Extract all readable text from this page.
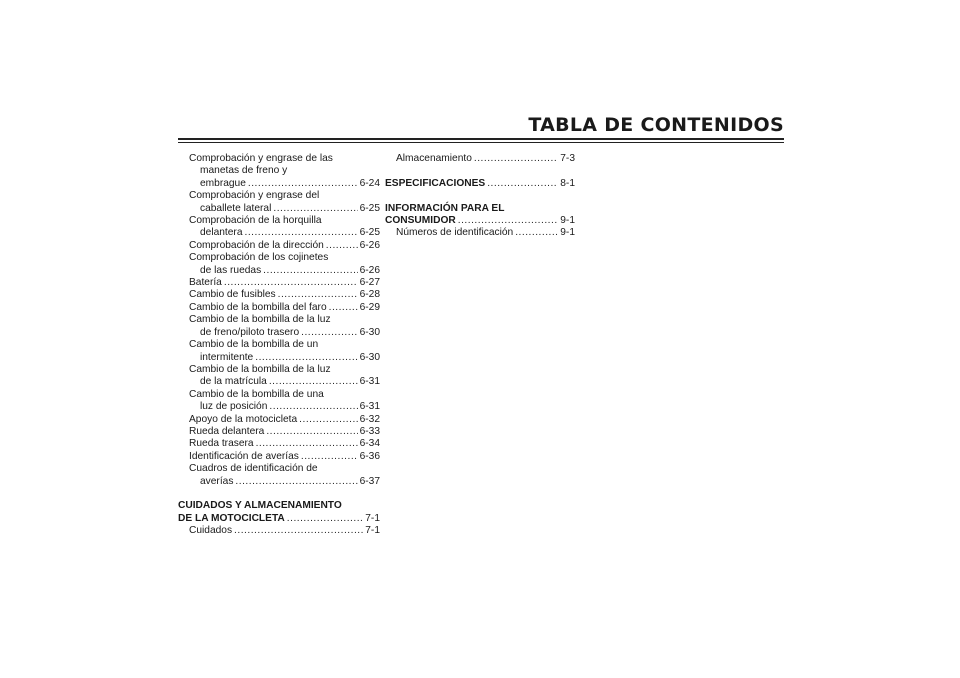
TABLA DE CONTENIDOS
Comprobación y engrase de las
manetas de freno y
embrague .....	6-24
Comprobación y engrase del
caballete lateral .....	6-25
Comprobación de la horquilla
delantera .....	6-25
Comprobación de la dirección .....	6-26
Comprobación de los cojinetes
de las ruedas .....	6-26
Batería .....	6-27
Cambio de fusibles .....	6-28
Cambio de la bombilla del faro .....	6-29
Cambio de la bombilla de la luz
de freno/piloto trasero .....	6-30
Cambio de la bombilla de un
intermitente .....	6-30
Cambio de la bombilla de la luz
de la matrícula .....	6-31
Cambio de la bombilla de una
luz de posición .....	6-31
Apoyo de la motocicleta .....	6-32
Rueda delantera .....	6-33
Rueda trasera .....	6-34
Identificación de averías .....	6-36
Cuadros de identificación de
averías .....	6-37
CUIDADOS Y ALMACENAMIENTO
DE LA MOTOCICLETA .....	7-1
Cuidados .....	7-1
Almacenamiento .....	7-3
ESPECIFICACIONES .....	8-1
INFORMACIÓN PARA EL
CONSUMIDOR .....	9-1
Números de identificación .....	9-1
